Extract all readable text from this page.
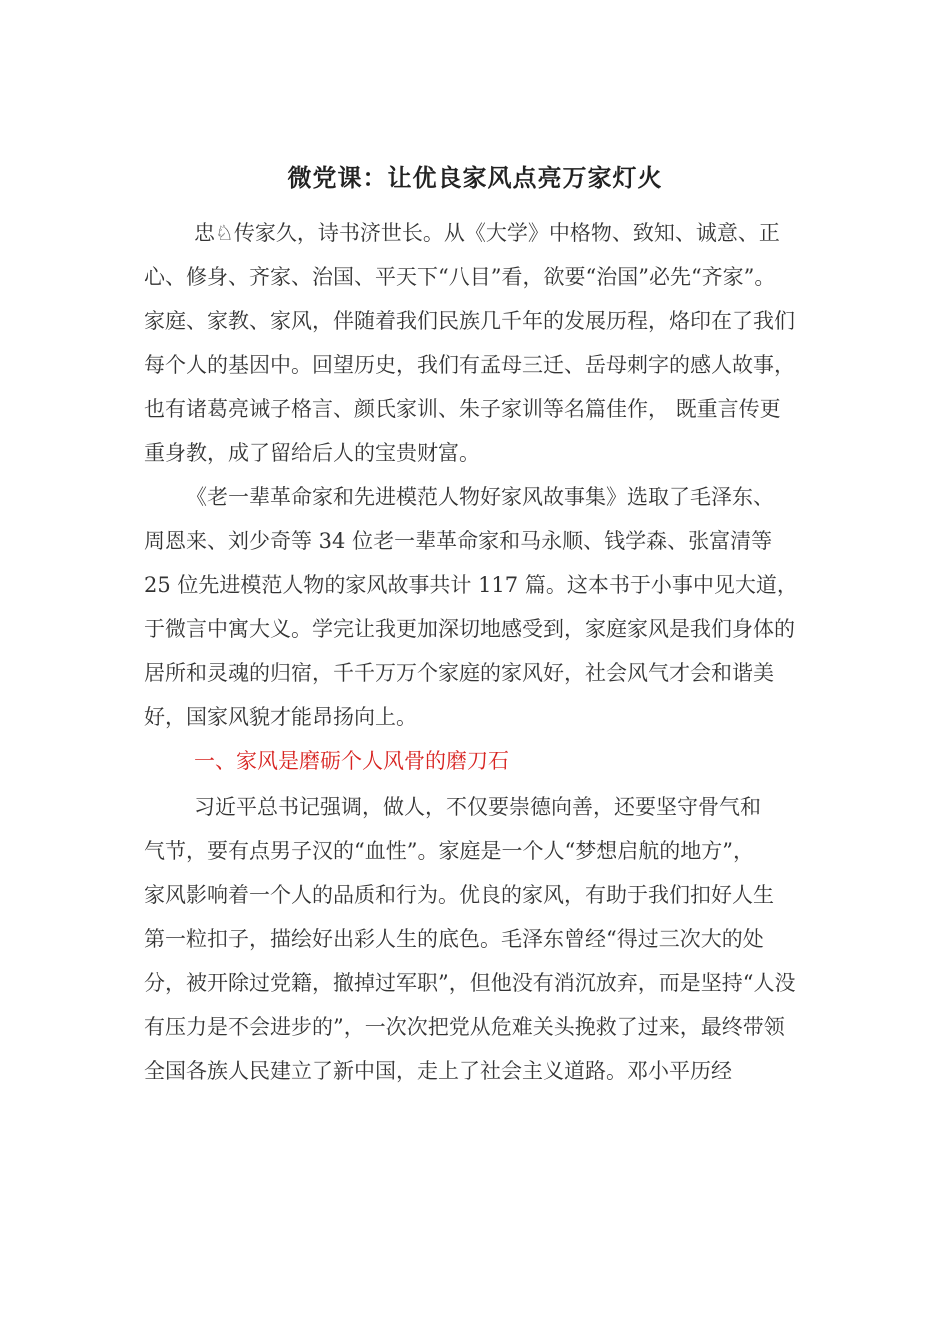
微党课：让优良家风点亮万家灯火
忠♘传家久，诗书济世长。从《大学》中格物、致知、诚意、正
心、修身、齐家、治国、平天下“八目”看，欲要“治国”必先“齐家”。
家庭、家教、家风，伴随着我们民族几千年的发展历程，烙印在了我们
每个人的基因中。回望历史，我们有孟母三迁、岳母刺字的感人故事，
也有诸葛亮诫子格言、颜氏家训、朱子家训等名篇佳作， 既重言传更
重身教，成了留给后人的宝贵财富。
《老一辈革命家和先进模范人物好家风故事集》选取了毛泽东、
周恩来、刘少奇等 34 位老一辈革命家和马永顺、钱学森、张富清等
25 位先进模范人物的家风故事共计 117 篇。这本书于小事中见大道，
于微言中寓大义。学完让我更加深切地感受到，家庭家风是我们身体的
居所和灵魂的归宿，千千万万个家庭的家风好，社会风气才会和谐美
好，国家风貌才能昂扬向上。
一、家风是磨砺个人风骨的磨刀石
习近平总书记强调，做人，不仅要崇德向善，还要坚守骨气和
气节，要有点男子汉的“血性”。家庭是一个人“梦想启航的地方”，
家风影响着一个人的品质和行为。优良的家风，有助于我们扣好人生
第一粒扣子，描绘好出彩人生的底色。毛泽东曾经“得过三次大的处
分，被开除过党籍，撤掉过军职”，但他没有消沉放弃，而是坚持“人没
有压力是不会进步的”，一次次把党从危难关头挽救了过来，最终带领
全国各族人民建立了新中国，走上了社会主义道路。邓小平历经
